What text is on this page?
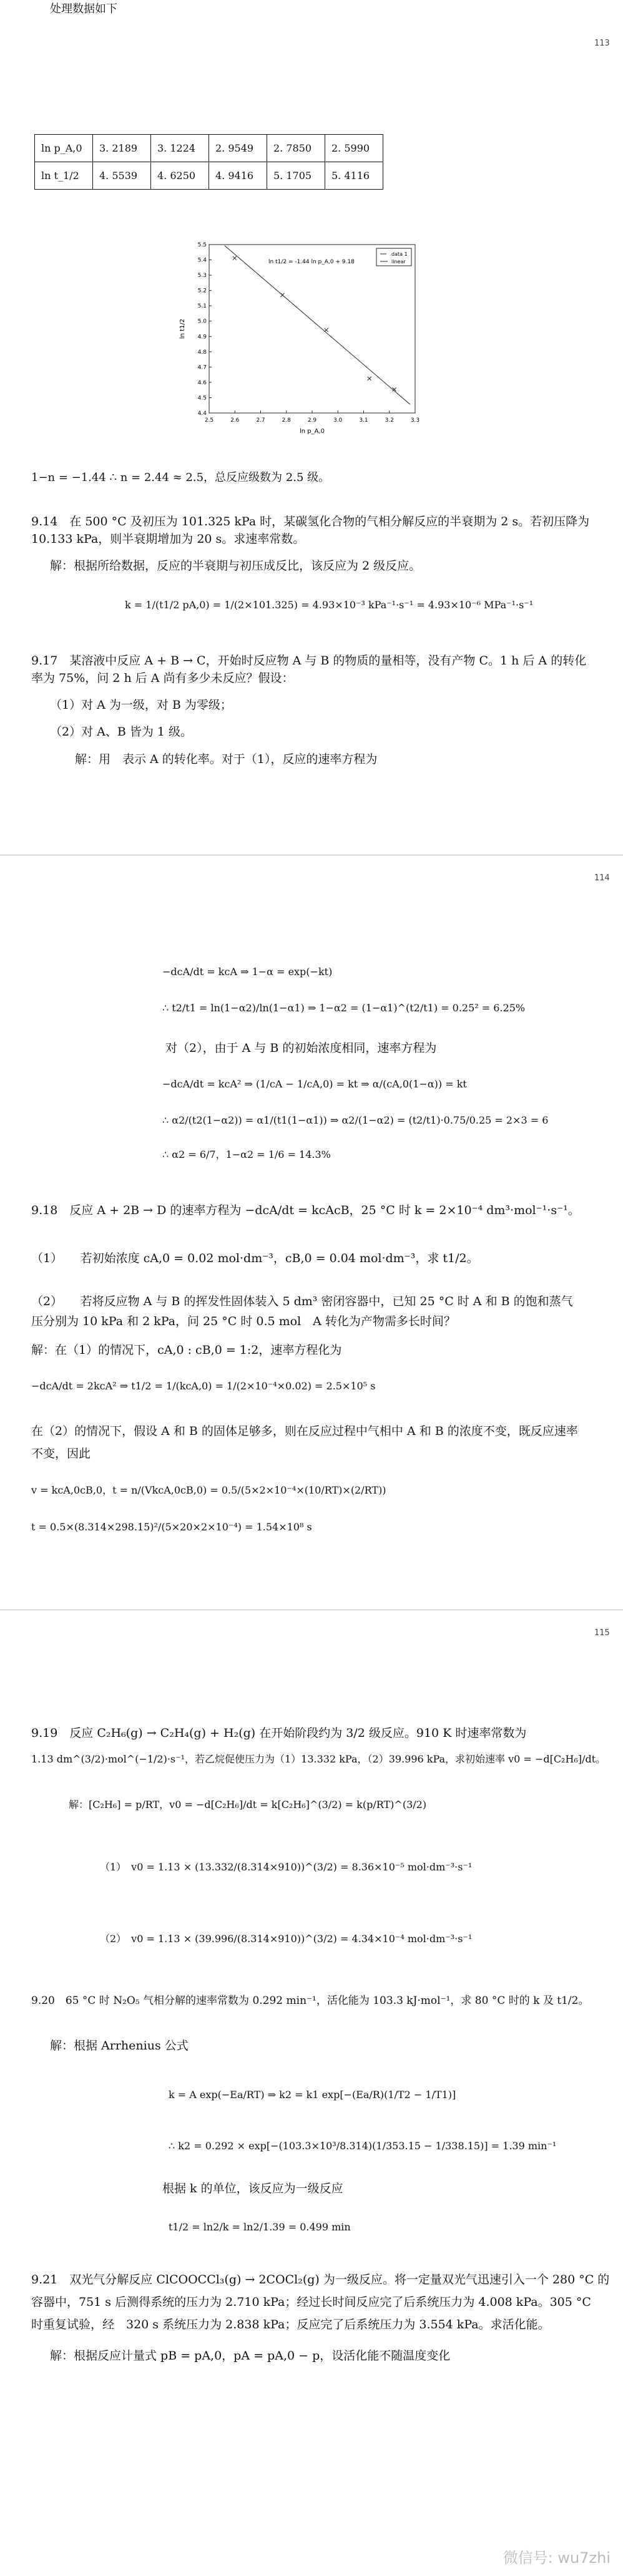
处理数据如下
113
ln p_A,0	3. 2189	3. 1224	2. 9549	2. 7850	2. 5990
ln t_1/2	4. 5539	4. 6250	4. 9416	5. 1705	5. 4116
2.5	2.6	2.7	2.8	2.9	3.0	3.1	3.2	3.3
4.4
4.5
4.6
4.7
4.8
4.9
5.0
5.1
5.2
5.3
5.4
5.5
ln t1/2 = -1.44 ln p_A,0 + 9.18
data 1
linear
ln p_A,0
ln t1/2
1−n = −1.44 ∴ n = 2.44 ≈ 2.5，总反应级数为 2.5 级。
9.14　在 500 °C 及初压为 101.325 kPa 时，某碳氢化合物的气相分解反应的半衰期为 2 s。若初压降为
10.133 kPa，则半衰期增加为 20 s。求速率常数。
解：根据所给数据，反应的半衰期与初压成反比，该反应为 2 级反应。
k = 1/(t1/2 pA,0) = 1/(2×101.325) = 4.93×10⁻³ kPa⁻¹·s⁻¹ = 4.93×10⁻⁶ MPa⁻¹·s⁻¹
9.17　某溶液中反应 A + B → C，开始时反应物 A 与 B 的物质的量相等，没有产物 C。1 h 后 A 的转化
率为 75%，问 2 h 后 A 尚有多少未反应？假设：
（1）对 A 为一级，对 B 为零级；
（2）对 A、B 皆为 1 级。
解：用　表示 A 的转化率。对于（1），反应的速率方程为
114
−dcA/dt = kcA ⇒ 1−α = exp(−kt)
∴ t2/t1 = ln(1−α2)/ln(1−α1) ⇒ 1−α2 = (1−α1)^(t2/t1) = 0.25² = 6.25%
对（2），由于 A 与 B 的初始浓度相同，速率方程为
−dcA/dt = kcA² ⇒ (1/cA − 1/cA,0) = kt ⇒ α/(cA,0(1−α)) = kt
∴ α2/(t2(1−α2)) = α1/(t1(1−α1)) ⇒ α2/(1−α2) = (t2/t1)·0.75/0.25 = 2×3 = 6
∴ α2 = 6/7，1−α2 = 1/6 = 14.3%
9.18　反应 A + 2B → D 的速率方程为 −dcA/dt = kcAcB，25 °C 时 k = 2×10⁻⁴ dm³·mol⁻¹·s⁻¹。
（1）　　若初始浓度 cA,0 = 0.02 mol·dm⁻³，cB,0 = 0.04 mol·dm⁻³，求 t1/2。
（2）　　若将反应物 A 与 B 的挥发性固体装入 5 dm³ 密闭容器中，已知 25 °C 时 A 和 B 的饱和蒸气
压分别为 10 kPa 和 2 kPa，问 25 °C 时 0.5 mol　A 转化为产物需多长时间？
解：在（1）的情况下，cA,0 : cB,0 = 1:2，速率方程化为
−dcA/dt = 2kcA² ⇒ t1/2 = 1/(kcA,0) = 1/(2×10⁻⁴×0.02) = 2.5×10⁵ s
在（2）的情况下，假设 A 和 B 的固体足够多，则在反应过程中气相中 A 和 B 的浓度不变，既反应速率
不变，因此
v = kcA,0cB,0，t = n/(VkcA,0cB,0) = 0.5/(5×2×10⁻⁴×(10/RT)×(2/RT))
t = 0.5×(8.314×298.15)²/(5×20×2×10⁻⁴) = 1.54×10⁸ s
115
9.19　反应 C₂H₆(g) → C₂H₄(g) + H₂(g) 在开始阶段约为 3/2 级反应。910 K 时速率常数为
1.13 dm^(3/2)·mol^(−1/2)·s⁻¹，若乙烷促使压力为（1）13.332 kPa，（2）39.996 kPa，求初始速率 v0 = −d[C₂H₆]/dt。
解：[C₂H₆] = p/RT，v0 = −d[C₂H₆]/dt = k[C₂H₆]^(3/2) = k(p/RT)^(3/2)
（1）　v0 = 1.13 × (13.332/(8.314×910))^(3/2) = 8.36×10⁻⁵ mol·dm⁻³·s⁻¹
（2）　v0 = 1.13 × (39.996/(8.314×910))^(3/2) = 4.34×10⁻⁴ mol·dm⁻³·s⁻¹
9.20　65 °C 时 N₂O₅ 气相分解的速率常数为 0.292 min⁻¹，活化能为 103.3 kJ·mol⁻¹，求 80 °C 时的 k 及 t1/2。
解：根据 Arrhenius 公式
k = A exp(−Ea/RT) ⇒ k2 = k1 exp[−(Ea/R)(1/T2 − 1/T1)]
∴ k2 = 0.292 × exp[−(103.3×10³/8.314)(1/353.15 − 1/338.15)] = 1.39 min⁻¹
根据 k 的单位，该反应为一级反应
t1/2 = ln2/k = ln2/1.39 = 0.499 min
9.21　双光气分解反应 ClCOOCCl₃(g) → 2COCl₂(g) 为一级反应。将一定量双光气迅速引入一个 280 °C 的
容器中，751 s 后测得系统的压力为 2.710 kPa；经过长时间反应完了后系统压力为 4.008 kPa。305 °C
时重复试验，经　320 s 系统压力为 2.838 kPa；反应完了后系统压力为 3.554 kPa。求活化能。
解：根据反应计量式 pB = pA,0，pA = pA,0 − p，设活化能不随温度变化
微信号: wu7zhi
